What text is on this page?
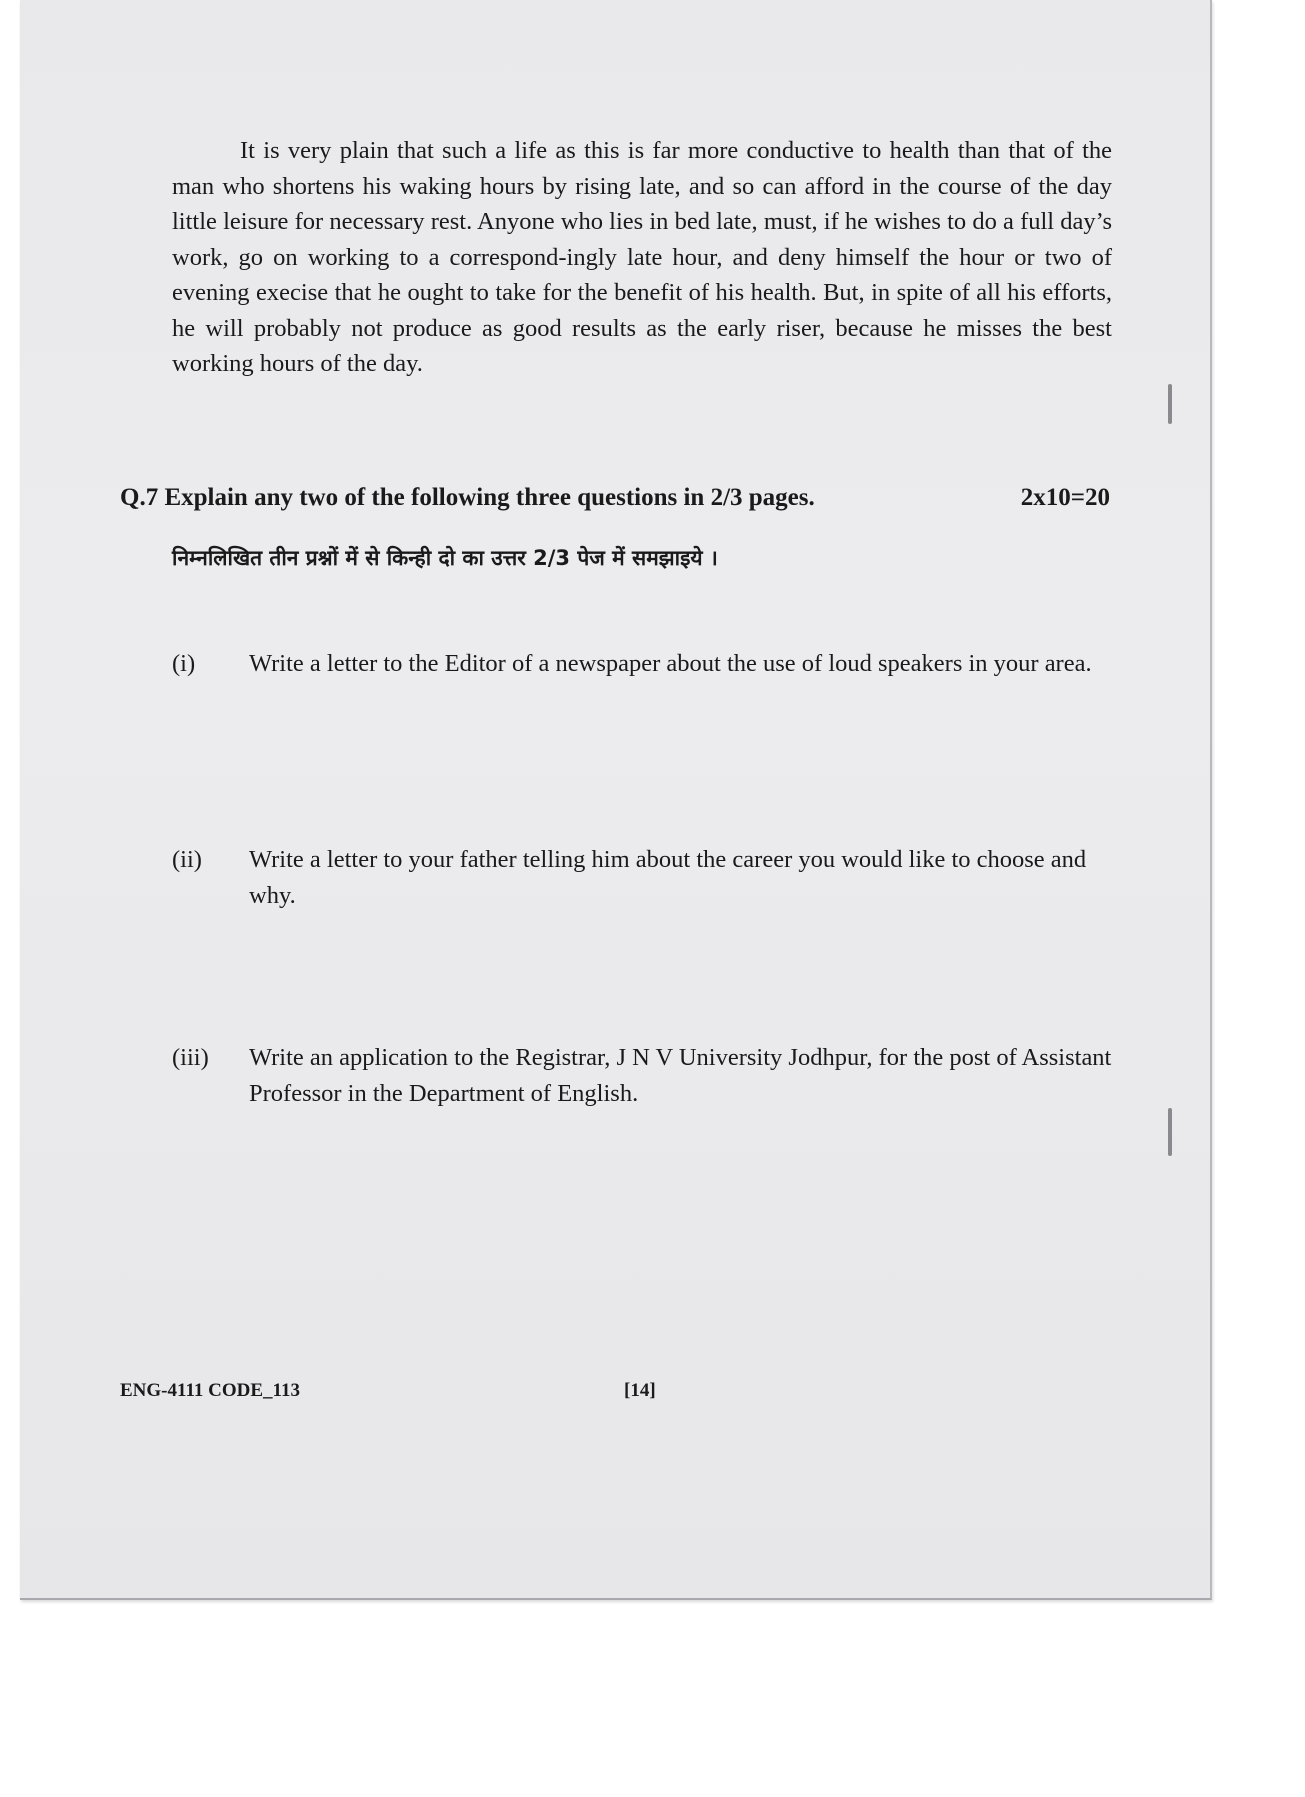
It is very plain that such a life as this is far more conductive to health than that of the man who shortens his waking hours by rising late, and so can afford in the course of the day little leisure for necessary rest. Anyone who lies in bed late, must, if he wishes to do a full day’s work, go on working to a correspond-ingly late hour, and deny himself the hour or two of evening execise that he ought to take for the benefit of his health. But, in spite of all his efforts, he will probably not produce as good results as the early riser, because he misses the best working hours of the day.

Q.7 Explain any two of the following three questions in 2/3 pages.	2x10=20

निम्नलिखित तीन प्रश्नों में से किन्ही दो का उत्तर 2/3 पेज में समझाइये ।

(i)	Write a letter to the Editor of a newspaper about the use of loud speakers in your area.

(ii)	Write a letter to your father telling him about the career you would like to choose and why.

(iii)	Write an application to the Registrar, J N V University Jodhpur, for the post of Assistant Professor in the Department of English.

ENG-4111 CODE_113	[14]
